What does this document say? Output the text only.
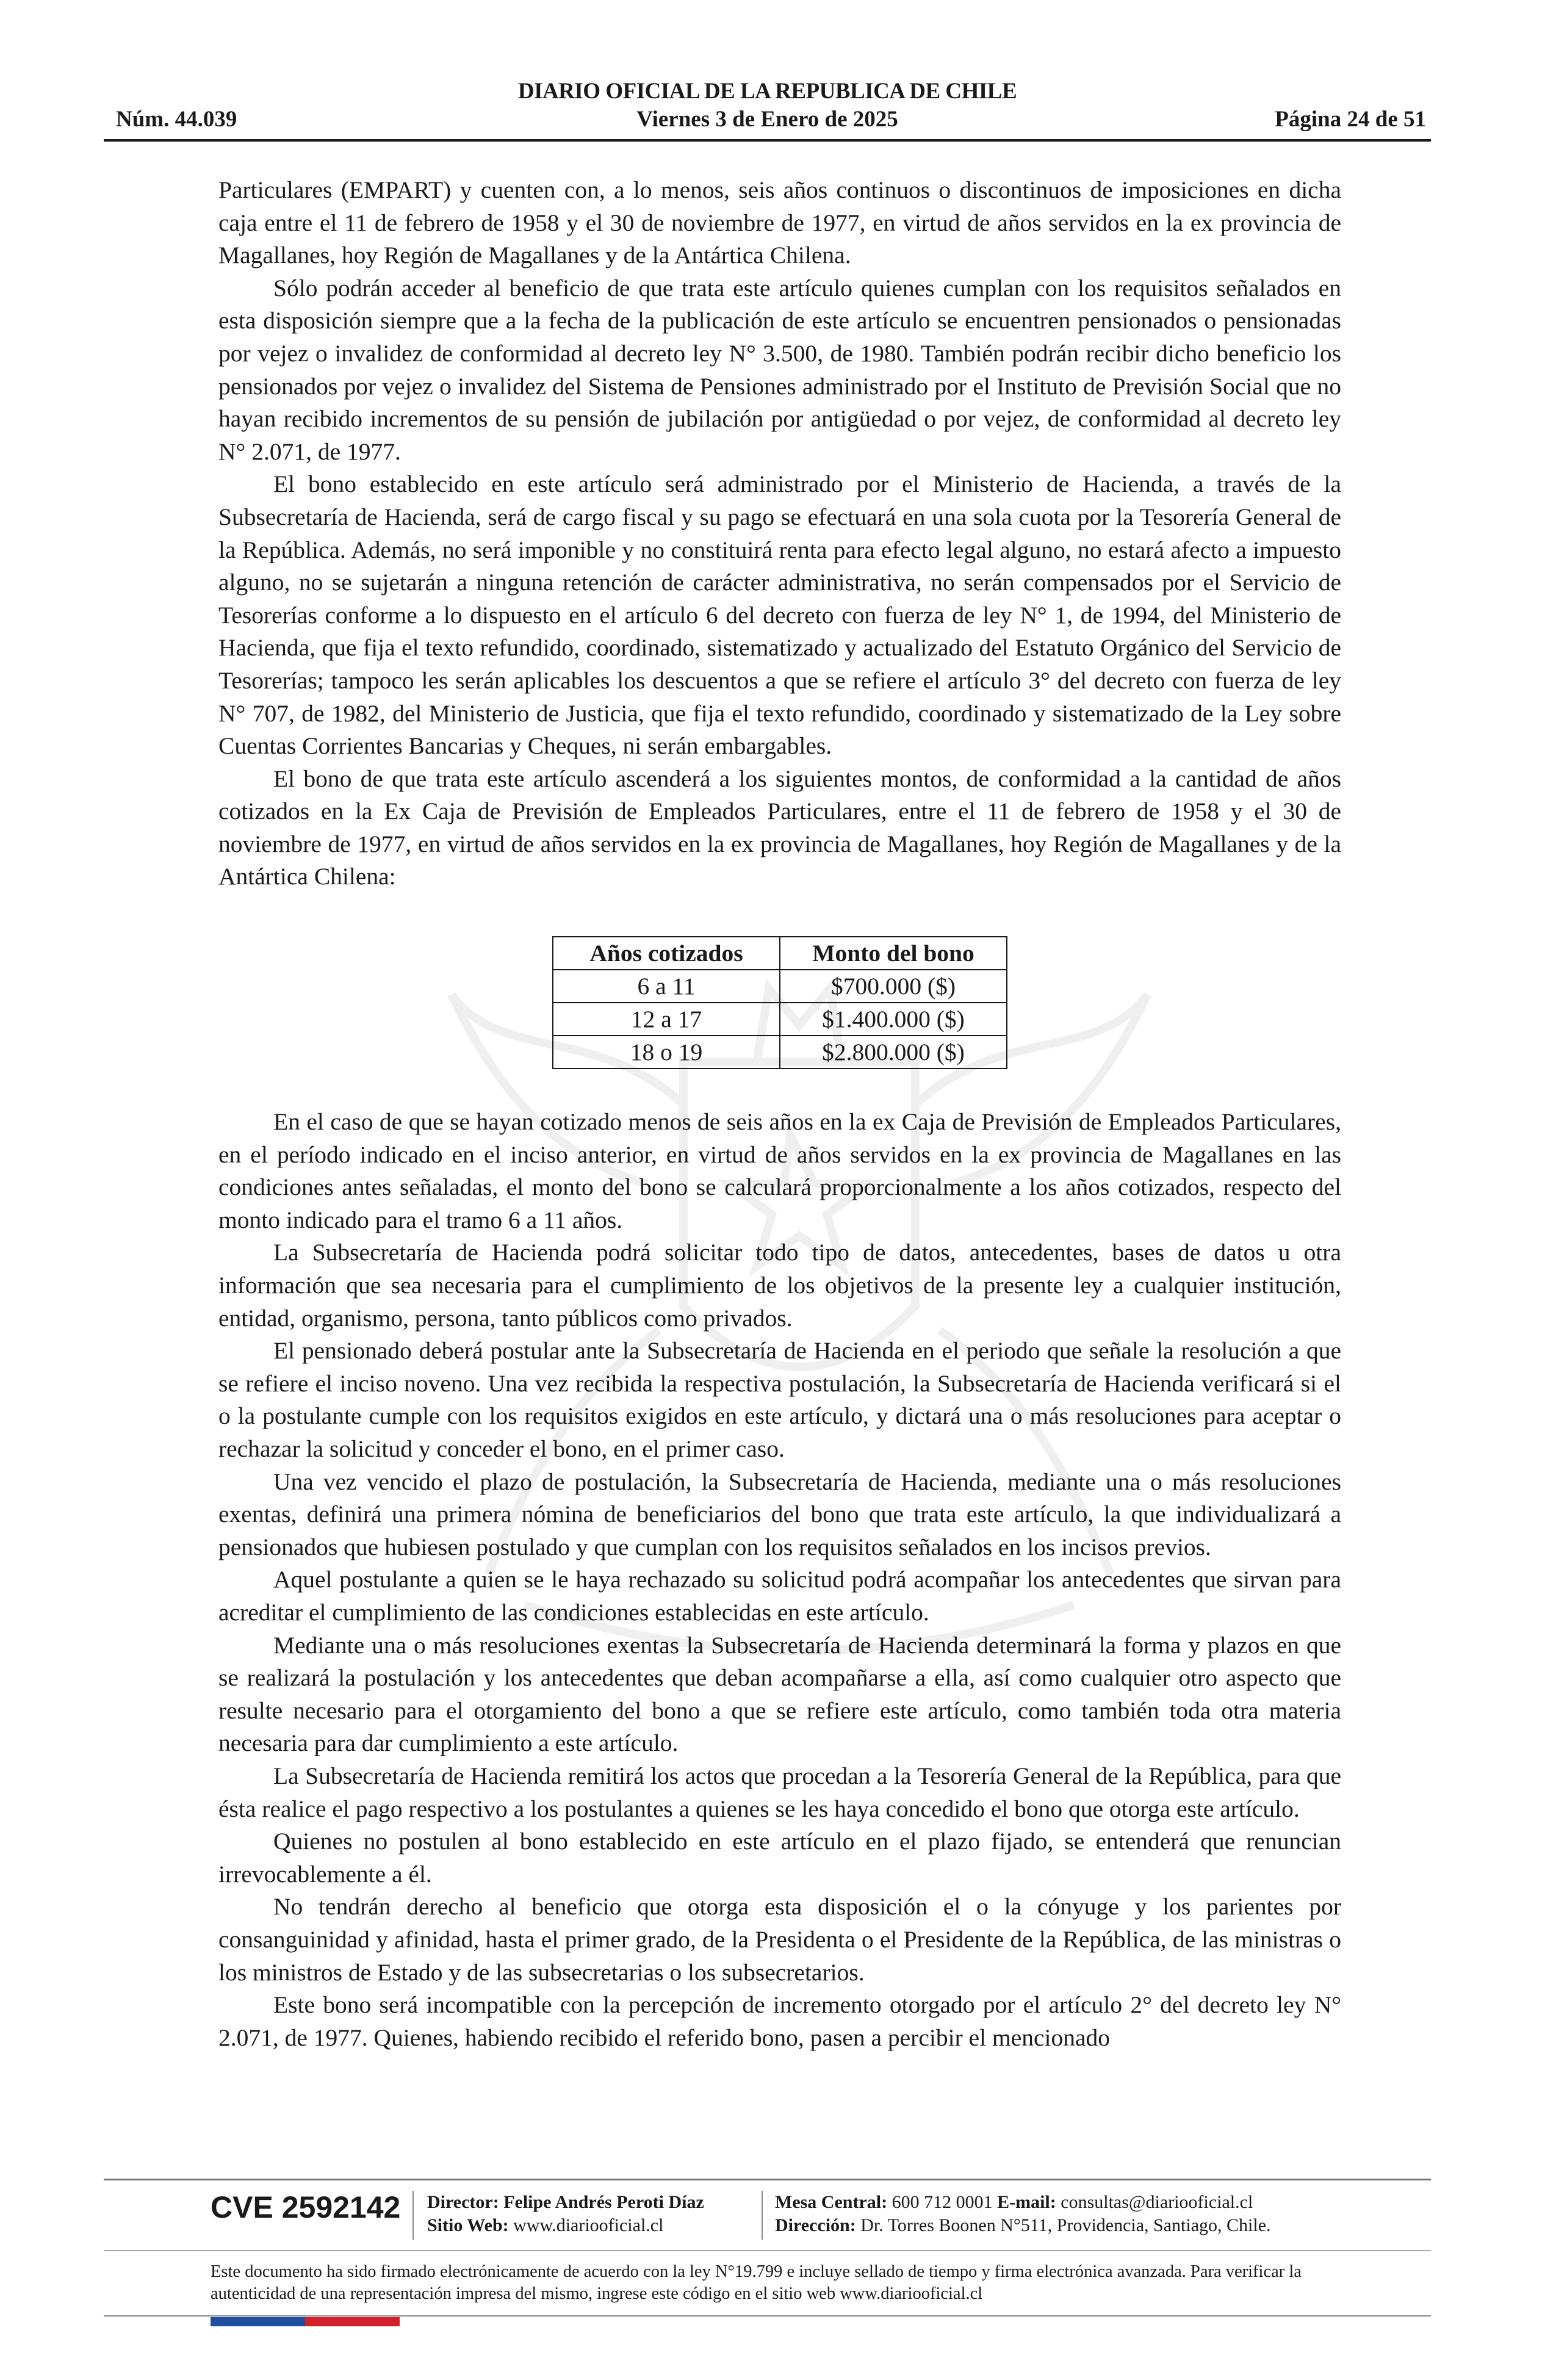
DIARIO OFICIAL DE LA REPUBLICA DE CHILE
Núm. 44.039	Viernes 3 de Enero de 2025	Página 24 de 51

Particulares (EMPART) y cuenten con, a lo menos, seis años continuos o discontinuos de imposiciones en dicha caja entre el 11 de febrero de 1958 y el 30 de noviembre de 1977, en virtud de años servidos en la ex provincia de Magallanes, hoy Región de Magallanes y de la Antártica Chilena.

Sólo podrán acceder al beneficio de que trata este artículo quienes cumplan con los requisitos señalados en esta disposición siempre que a la fecha de la publicación de este artículo se encuentren pensionados o pensionadas por vejez o invalidez de conformidad al decreto ley N° 3.500, de 1980. También podrán recibir dicho beneficio los pensionados por vejez o invalidez del Sistema de Pensiones administrado por el Instituto de Previsión Social que no hayan recibido incrementos de su pensión de jubilación por antigüedad o por vejez, de conformidad al decreto ley N° 2.071, de 1977.

El bono establecido en este artículo será administrado por el Ministerio de Hacienda, a través de la Subsecretaría de Hacienda, será de cargo fiscal y su pago se efectuará en una sola cuota por la Tesorería General de la República. Además, no será imponible y no constituirá renta para efecto legal alguno, no estará afecto a impuesto alguno, no se sujetarán a ninguna retención de carácter administrativa, no serán compensados por el Servicio de Tesorerías conforme a lo dispuesto en el artículo 6 del decreto con fuerza de ley N° 1, de 1994, del Ministerio de Hacienda, que fija el texto refundido, coordinado, sistematizado y actualizado del Estatuto Orgánico del Servicio de Tesorerías; tampoco les serán aplicables los descuentos a que se refiere el artículo 3° del decreto con fuerza de ley N° 707, de 1982, del Ministerio de Justicia, que fija el texto refundido, coordinado y sistematizado de la Ley sobre Cuentas Corrientes Bancarias y Cheques, ni serán embargables.

El bono de que trata este artículo ascenderá a los siguientes montos, de conformidad a la cantidad de años cotizados en la Ex Caja de Previsión de Empleados Particulares, entre el 11 de febrero de 1958 y el 30 de noviembre de 1977, en virtud de años servidos en la ex provincia de Magallanes, hoy Región de Magallanes y de la Antártica Chilena:

Años cotizados	Monto del bono
6 a 11	$700.000 ($)
12 a 17	$1.400.000 ($)
18 o 19	$2.800.000 ($)

En el caso de que se hayan cotizado menos de seis años en la ex Caja de Previsión de Empleados Particulares, en el período indicado en el inciso anterior, en virtud de años servidos en la ex provincia de Magallanes en las condiciones antes señaladas, el monto del bono se calculará proporcionalmente a los años cotizados, respecto del monto indicado para el tramo 6 a 11 años.

La Subsecretaría de Hacienda podrá solicitar todo tipo de datos, antecedentes, bases de datos u otra información que sea necesaria para el cumplimiento de los objetivos de la presente ley a cualquier institución, entidad, organismo, persona, tanto públicos como privados.

El pensionado deberá postular ante la Subsecretaría de Hacienda en el periodo que señale la resolución a que se refiere el inciso noveno. Una vez recibida la respectiva postulación, la Subsecretaría de Hacienda verificará si el o la postulante cumple con los requisitos exigidos en este artículo, y dictará una o más resoluciones para aceptar o rechazar la solicitud y conceder el bono, en el primer caso.

Una vez vencido el plazo de postulación, la Subsecretaría de Hacienda, mediante una o más resoluciones exentas, definirá una primera nómina de beneficiarios del bono que trata este artículo, la que individualizará a pensionados que hubiesen postulado y que cumplan con los requisitos señalados en los incisos previos.

Aquel postulante a quien se le haya rechazado su solicitud podrá acompañar los antecedentes que sirvan para acreditar el cumplimiento de las condiciones establecidas en este artículo.

Mediante una o más resoluciones exentas la Subsecretaría de Hacienda determinará la forma y plazos en que se realizará la postulación y los antecedentes que deban acompañarse a ella, así como cualquier otro aspecto que resulte necesario para el otorgamiento del bono a que se refiere este artículo, como también toda otra materia necesaria para dar cumplimiento a este artículo.

La Subsecretaría de Hacienda remitirá los actos que procedan a la Tesorería General de la República, para que ésta realice el pago respectivo a los postulantes a quienes se les haya concedido el bono que otorga este artículo.

Quienes no postulen al bono establecido en este artículo en el plazo fijado, se entenderá que renuncian irrevocablemente a él.

No tendrán derecho al beneficio que otorga esta disposición el o la cónyuge y los parientes por consanguinidad y afinidad, hasta el primer grado, de la Presidenta o el Presidente de la República, de las ministras o los ministros de Estado y de las subsecretarias o los subsecretarios.

Este bono será incompatible con la percepción de incremento otorgado por el artículo 2° del decreto ley N° 2.071, de 1977. Quienes, habiendo recibido el referido bono, pasen a percibir el mencionado

CVE 2592142 Director: Felipe Andrés Peroti Díaz
Sitio Web: www.diariooficial.cl
Mesa Central: 600 712 0001 E-mail: consultas@diariooficial.cl
Dirección: Dr. Torres Boonen N°511, Providencia, Santiago, Chile.
Este documento ha sido firmado electrónicamente de acuerdo con la ley N°19.799 e incluye sellado de tiempo y firma electrónica avanzada. Para verificar la autenticidad de una representación impresa del mismo, ingrese este código en el sitio web www.diariooficial.cl
